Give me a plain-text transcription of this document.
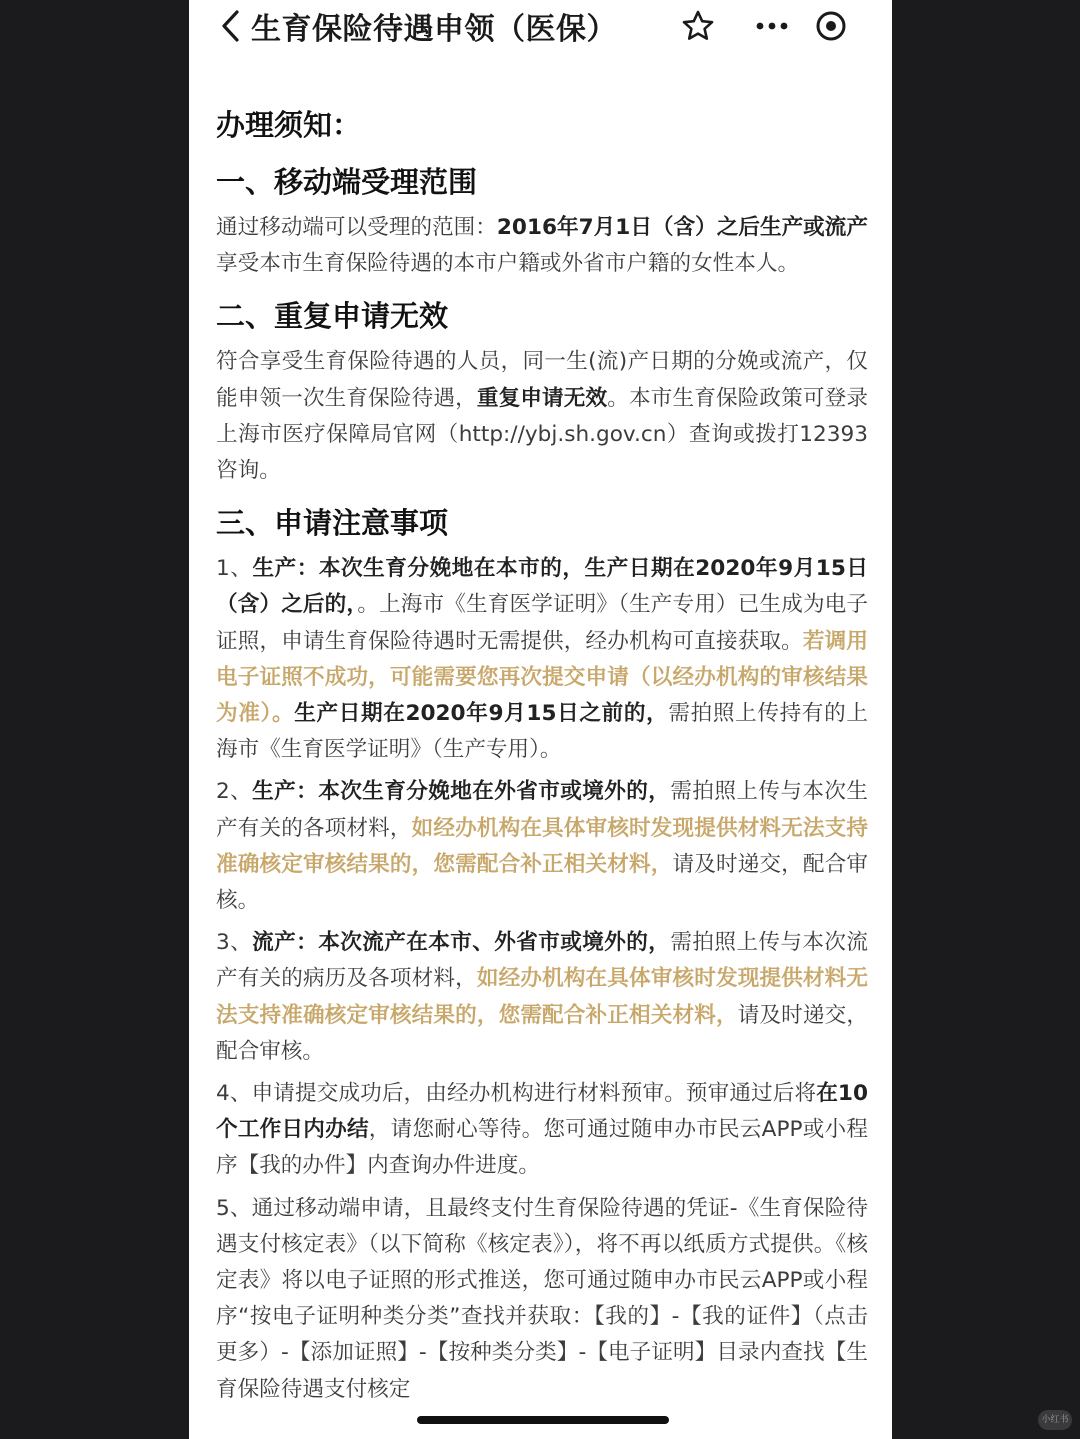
生育保险待遇申领（医保）
办理须知：
一、移动端受理范围

通过移动端可以受理的范围：2016年7月1日（含）之后生产或流产享受本市生育保险待遇的本市户籍或外省市户籍的女性本人。

二、重复申请无效

符合享受生育保险待遇的人员，同一生(流)产日期的分娩或流产，仅能申领一次生育保险待遇，重复申请无效。本市生育保险政策可登录上海市医疗保障局官网（http://ybj.sh.gov.cn）查询或拨打12393咨询。

三、申请注意事项

1、生产：本次生育分娩地在本市的，生产日期在2020年9月15日（含）之后的，。上海市《生育医学证明》（生产专用）已生成为电子证照，申请生育保险待遇时无需提供，经办机构可直接获取。若调用电子证照不成功，可能需要您再次提交申请（以经办机构的审核结果为准）。生产日期在2020年9月15日之前的，需拍照上传持有的上海市《生育医学证明》（生产专用）。

2、生产：本次生育分娩地在外省市或境外的，需拍照上传与本次生产有关的各项材料，如经办机构在具体审核时发现提供材料无法支持准确核定审核结果的，您需配合补正相关材料，请及时递交，配合审核。

3、流产：本次流产在本市、外省市或境外的，需拍照上传与本次流产有关的病历及各项材料，如经办机构在具体审核时发现提供材料无法支持准确核定审核结果的，您需配合补正相关材料，请及时递交，配合审核。

4、申请提交成功后，由经办机构进行材料预审。预审通过后将在10个工作日内办结，请您耐心等待。您可通过随申办市民云APP或小程序【我的办件】内查询办件进度。

5、通过移动端申请，且最终支付生育保险待遇的凭证-《生育保险待遇支付核定表》（以下简称《核定表》），将不再以纸质方式提供。《核定表》将以电子证照的形式推送，您可通过随申办市民云APP或小程序“按电子证明种类分类”查找并获取：【我的】-【我的证件】（点击更多）-【添加证照】-【按种类分类】-【电子证明】目录内查找【生育保险待遇支付核定

小红书
